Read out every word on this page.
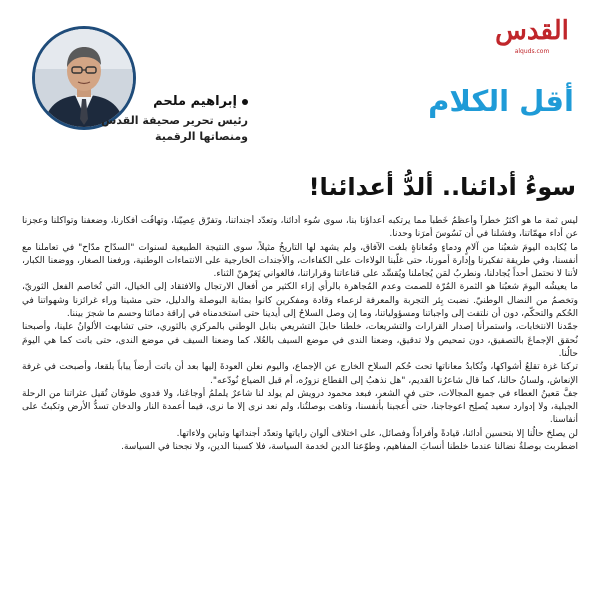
القدس
alquds.com
أقل الكلام
إبراهيم ملحم
رئيس تحرير صحيفة القدس
ومنصاتها الرقمية
سوءُ أدائنا.. ألدُّ أعدائنا!

ليس ثمة ما هو أكثرُ خطراً وأعظمُ خَطباً مما يرتكبه أعداؤنا بنا، سوى سُوء أدائنا، وتعدّد أجنداتنا، وتفرّق عِصِيّنا، وتهافُت أفكارنا، وضعفنا وتواكلنا وعجزنا عن أداء مهمّاتنا، وفشلنا في أن نَسُوسَ أمرَنا وحدنا.

ما يُكابده اليومَ شعبُنا من آلامٍ ودماءٍ ومُعاناةٍ بلغت الآفاق، ولم يشهد لها التاريخُ مثيلاً، سوى النتيجة الطبيعية لسنوات "السدّاح مدّاح" في تعاملنا مع أنفسنا، وفي طريقة تفكيرنا وإدارة أمورنا، حتى غلّبنا الولاءات على الكفاءات، والأجندات الخارجية على الانتماءات الوطنية، ورفعنا الصغار، ووضعنا الكبار، لأننا لا نحتمل أحداً يُجادلنا، ونطربُ لمَن يُجاملنا ويُقسِّد على قناعاتنا وقراراتنا، فالغواني يَغرّهنّ الثناء.

ما يعيشُه اليومَ شعبُنا هو الثمرة المُرّة للصمت وعدم المُجاهرة بالرأي إزاء الكثير من أفعال الارتجال والافتقاد إلى الخيال، التي تُخاصم الفعل الثوريّ، وتخصمُ من النضال الوطنيّ. نضبت بِئر التجربة والمعرفة لزعماء وقادة ومفكرين كانوا بمثابة البوصلة والدليل، حتى مشينا وراء غرائزنا وشهواتنا في الحُكم والتحكّم، دون أن نلتفت إلى واجباتنا ومسؤولياتنا، وما إن وصل السلاحُ إلى أيدينا حتى استخدمناه في إراقة دمائنا وحسم ما شجرَ بيننا.

جمّدنا الانتخابات، واستمرأنا إصدار القرارات والتشريعات، خلطنا حابلَ التشريعي بنابل الوطني بالمركزي بالثوري، حتى تشابهت الألوانُ علينا، وأصبحنا نُحقق الإجماعَ بالتصفيق، دون تمحيص ولا تدقيق، وضعنا الندى في موضع السيف بالعُلا، كما وضعنا السيف في موضع الندى، حتى باتت كما هي اليومَ حالُنا.

تركنا غزة تقلعُ أشواكها، وتُكابدُ معاناتها تحت حُكم السلاح الخارج عن الإجماع، واليوم نعلن العودةَ إليها بعد أن باتت أرضاً يباباً بلقعا، وأصبحت في غرفة الإنعاش، ولسانُ حالنا، كما قال شاعرُنا القديم، "هل نذهبُ إلى القطاع نزورُه، أم قبل الضياع نُودّعه".

جفَّ مَعينُ العطاء في جميع المجالات، حتى في الشعر، فبعد محمود درويش لم يولد لنا شاعرٌ يلملمُ أوجاعَنا، ولا فدوى طوقان تُقيل عثراتنا من الرحلة الجبلية، ولا إدوارد سعيد يُصلِح اعوجاجنا، حتى أُعجبنا بأنفسنا، وتاهت بوصلتُنا، ولم نعد نرى إلا ما نرى، فيما أعمدة النار والدخان تسدُّ الأرض وتكبتُ على أنفاسنا.

لن يصلحَ حالُنا إلا بتحسين أدائنا، قيادةً وأفراداً وفصائل، على اختلاف ألوان راياتها وتعدّد أجنداتها وتباين ولاءاتها.

اضطربت بوصلةُ نضالنا عندما خلطنا أنسابَ المفاهيم، وطوّعنا الدين لخدمة السياسة، فلا كسبنا الدين، ولا نجحنا في السياسة.
